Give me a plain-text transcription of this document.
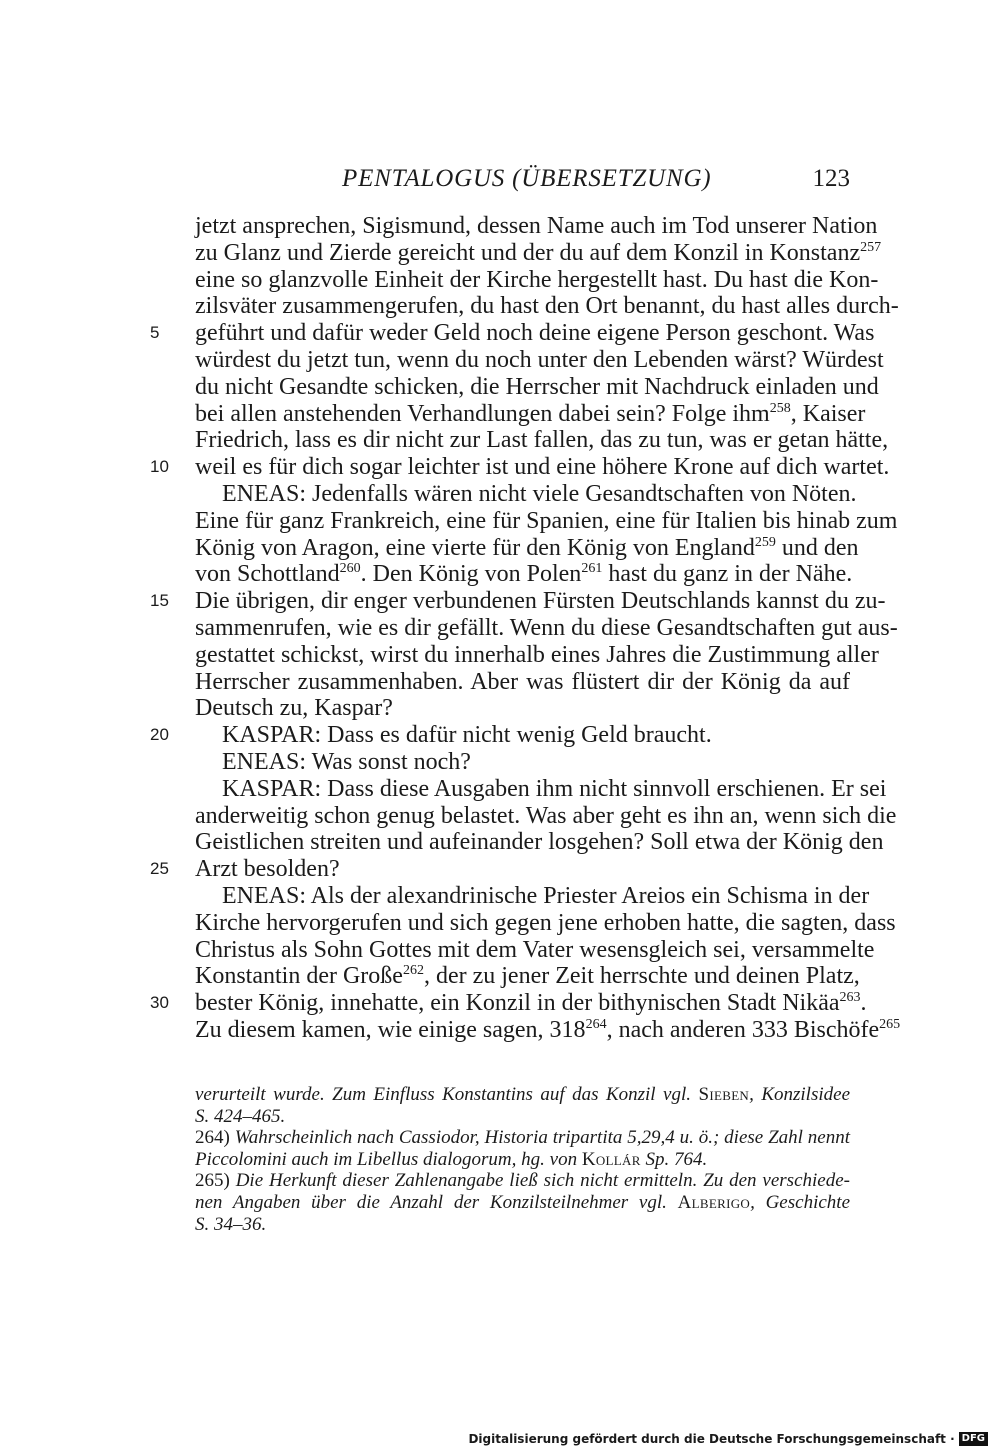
PENTALOGUS (ÜBERSETZUNG)	123
jetzt ansprechen, Sigismund, dessen Name auch im Tod unserer Nation
zu Glanz und Zierde gereicht und der du auf dem Konzil in Konstanz$^{257}$
eine so glanzvolle Einheit der Kirche hergestellt hast. Du hast die Kon-
zilsväter zusammengerufen, du hast den Ort benannt, du hast alles durch-
5	geführt und dafür weder Geld noch deine eigene Person geschont. Was
würdest du jetzt tun, wenn du noch unter den Lebenden wärst? Würdest
du nicht Gesandte schicken, die Herrscher mit Nachdruck einladen und
bei allen anstehenden Verhandlungen dabei sein? Folge ihm$^{258}$, Kaiser
Friedrich, lass es dir nicht zur Last fallen, das zu tun, was er getan hätte,
10 weil es für dich sogar leichter ist und eine höhere Krone auf dich wartet.
ENEAS: Jedenfalls wären nicht viele Gesandtschaften von Nöten.
Eine für ganz Frankreich, eine für Spanien, eine für Italien bis hinab zum
König von Aragon, eine vierte für den König von England$^{259}$ und den
von Schottland$^{260}$. Den König von Polen$^{261}$ hast du ganz in der Nähe.
15 Die übrigen, dir enger verbundenen Fürsten Deutschlands kannst du zu-
sammenrufen, wie es dir gefällt. Wenn du diese Gesandtschaften gut aus-
gestattet schickst, wirst du innerhalb eines Jahres die Zustimmung aller
Herrscher zusammenhaben. Aber was flüstert dir der König da auf
Deutsch zu, Kaspar?
20 KASPAR: Dass es dafür nicht wenig Geld braucht.
ENEAS: Was sonst noch?
KASPAR: Dass diese Ausgaben ihm nicht sinnvoll erschienen. Er sei
anderweitig schon genug belastet. Was aber geht es ihn an, wenn sich die
Geistlichen streiten und aufeinander losgehen? Soll etwa der König den
25 Arzt besolden?
ENEAS: Als der alexandrinische Priester Areios ein Schisma in der
Kirche hervorgerufen und sich gegen jene erhoben hatte, die sagten, dass
Christus als Sohn Gottes mit dem Vater wesensgleich sei, versammelte
Konstantin der Große$^{262}$, der zu jener Zeit herrschte und deinen Platz,
30 bester König, innehatte, ein Konzil in der bithynischen Stadt Nikäa$^{263}$.
Zu diesem kamen, wie einige sagen, $318^{264}$, nach anderen 333 Bischöfe$^{265}$
verurteilt wurde. Zum Einfluss Konstantins auf das Konzil vgl. Sieben, Konzilsidee
S. 424–465.
264) Wahrscheinlich nach Cassiodor, Historia tripartita 5,29,4 u. ö.; diese Zahl nennt
Piccolomini auch im Libellus dialogorum, hg. von Kollár Sp. 764.
265) Die Herkunft dieser Zahlenangabe ließ sich nicht ermitteln. Zu den verschiede-
nen Angaben über die Anzahl der Konzilsteilnehmer vgl. Alberigo, Geschichte
S. 34–36.
Digitalisierung gefördert durch die Deutsche Forschungsgemeinschaft · DFG
